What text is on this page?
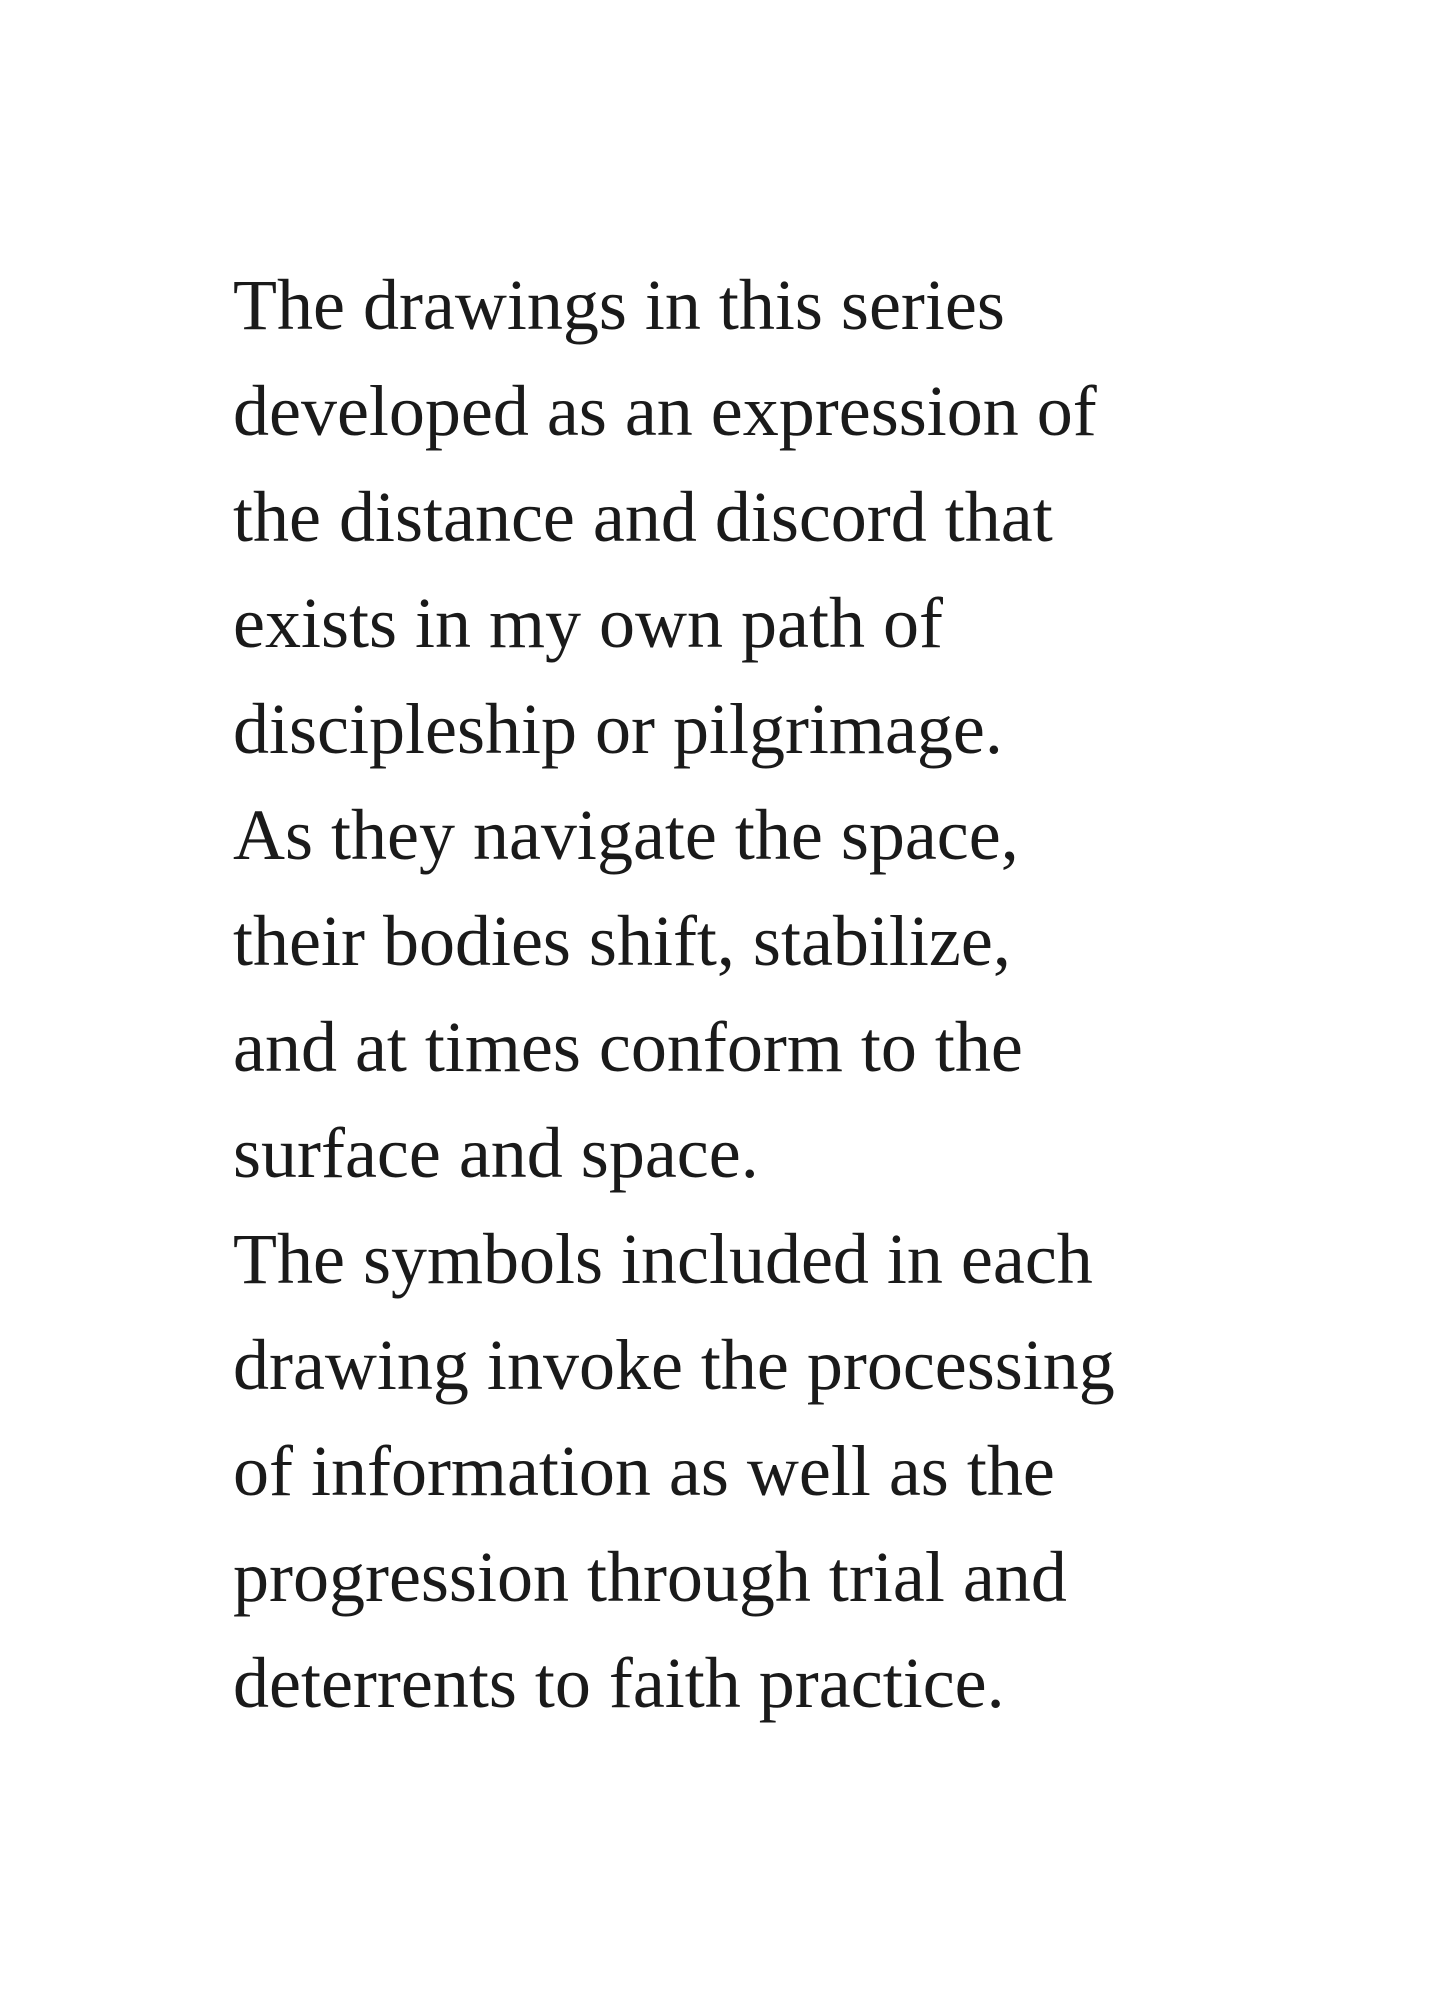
The drawings in this series
developed as an expression of
the distance and discord that
exists in my own path of
discipleship or pilgrimage.
As they navigate the space,
their bodies shift, stabilize,
and at times conform to the
surface and space.
The symbols included in each
drawing invoke the processing
of information as well as the
progression through trial and
deterrents to faith practice.
